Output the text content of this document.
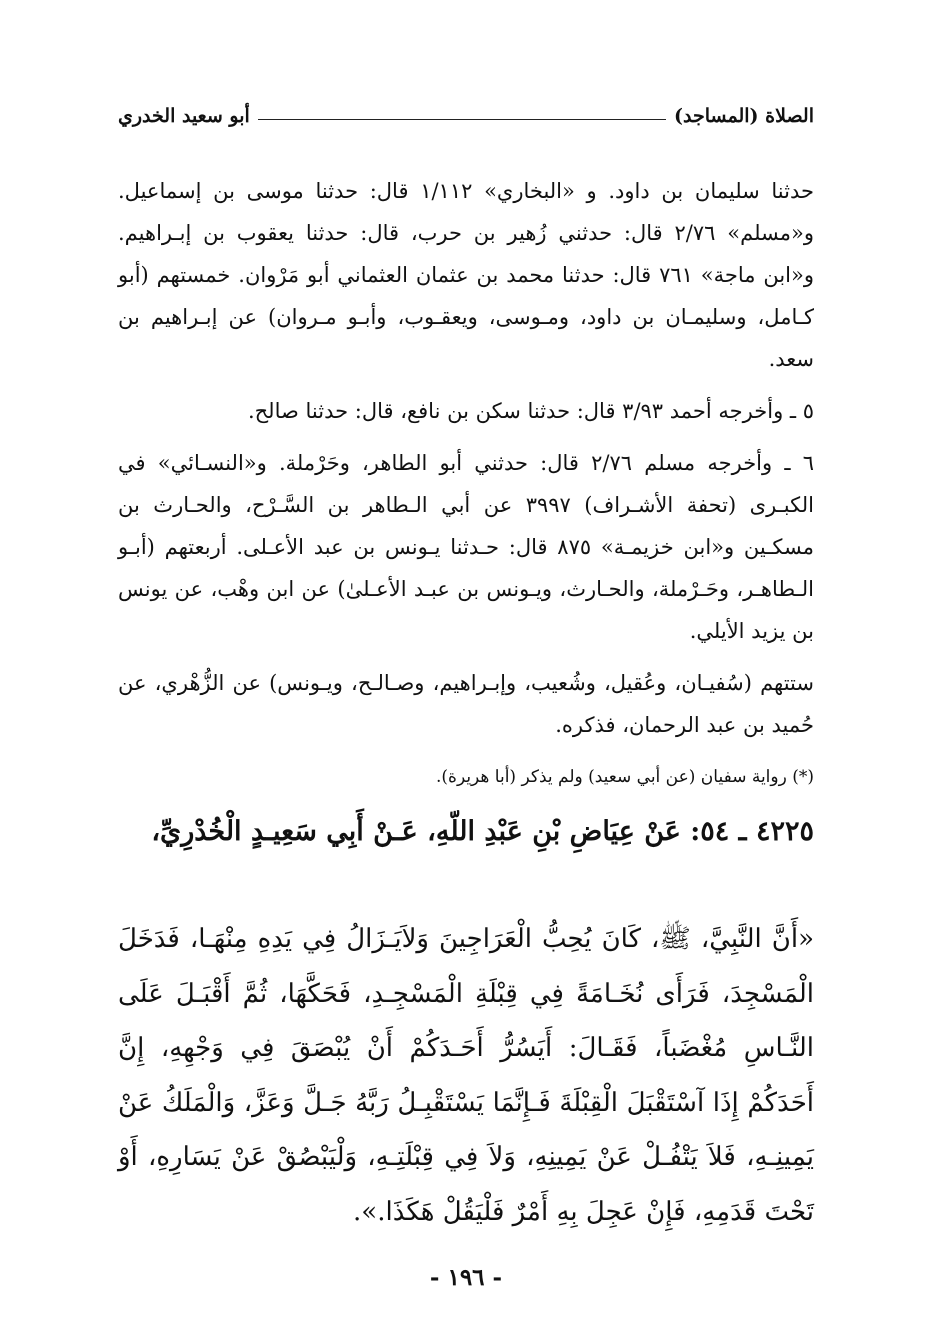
الصلاة (المساجد)
أبو سعيد الخدري

حدثنا سليمان بن داود. و «البخاري» ١/١١٢ قال: حدثنا موسى بن إسماعيل. و«مسلم» ٢/٧٦ قال: حدثني زُهير بن حرب، قال: حدثنا يعقوب بن إبـراهيم. و«ابن ماجة» ٧٦١ قال: حدثنا محمد بن عثمان العثماني أبو مَرْوان. خمستهم (أبو كـامل، وسليمـان بن داود، ومـوسى، ويعقـوب، وأبـو مـروان) عن إبـراهيم بن سعد.

٥ ـ وأخرجه أحمد ٣/٩٣ قال: حدثنا سكن بن نافع، قال: حدثنا صالح.

٦ ـ وأخرجه مسلم ٢/٧٦ قال: حدثني أبو الطاهر، وحَرْملة. و«النسـائي» في الكبـرى (تحفة الأشـراف) ٣٩٩٧ عن أبي الـطاهر بن السَّـرْح، والحـارث بن مسكـين و«ابن خزيمـة» ٨٧٥ قال: حـدثنا يـونس بن عبد الأعـلى. أربعتهم (أبـو الـطاهـر، وحَـرْملة، والحـارث، ويـونس بن عبـد الأعـلىٰ) عن ابن وهْب، عن يونس بن يزيد الأيلي.

ستتهم (سُفيـان، وعُقيل، وشُعيب، وإبـراهيم، وصـالـح، ويـونس) عن الزُّهْري، عن حُميد بن عبد الرحمان، فذكره.

(*) رواية سفيان (عن أبي سعيد) ولم يذكر (أبا هريرة).
٤٢٢٥ ـ ٥٤: عَنْ عِيَاضِ بْنِ عَبْدِ اللّهِ، عَـنْ أَبِي سَعِيـدٍ الْخُدْرِيِّ،
«أَنَّ النَّبِيَّ، ﷺ، كَانَ يُحِبُّ الْعَرَاجِينَ وَلاَيَـزَالُ فِي يَدِهِ مِنْهَـا، فَدَخَلَ الْمَسْجِدَ، فَرَأَى نُخَـامَةً فِي قِبْلَةِ الْمَسْجِـدِ، فَحَكَّهَا، ثُمَّ أَقْبَـلَ عَلَى النَّـاسِ مُغْضَباً، فَقَـالَ: أَيَسُرُّ أَحَـدَكُمْ أَنْ يُبْصَقَ فِي وَجْهِهِ، إِنَّ أَحَدَكُمْ إِذَا آسْتَقْبَلَ الْقِبْلَةَ فَـإِنَّمَا يَسْتَقْبِـلُ رَبَّهُ جَـلَّ وَعَزَّ، وَالْمَلَكُ عَنْ يَمِينِـهِ، فَلاَ يَتْفُـلْ عَنْ يَمِينِهِ، وَلاَ فِي قِبْلَتِـهِ، وَلْيَبْصُقْ عَنْ يَسَارِهِ، أَوْ تَحْتَ قَدَمِهِ، فَإِنْ عَجِلَ بِهِ أَمْرٌ فَلْيَقُلْ هَكَذَا.».
- ١٩٦ -
